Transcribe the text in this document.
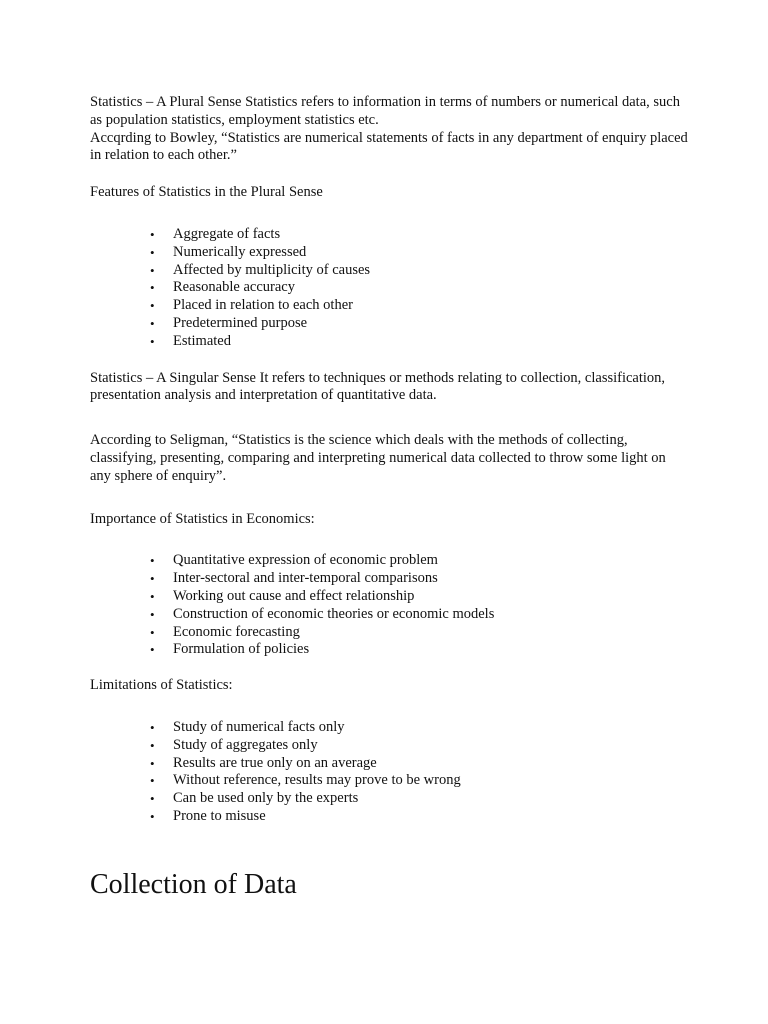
Statistics – A Plural Sense Statistics refers to information in terms of numbers or numerical data, such as population statistics, employment statistics etc.

Accqrding to Bowley, “Statistics are numerical statements of facts in any department of enquiry placed in relation to each other.”

Features of Statistics in the Plural Sense

• Aggregate of facts
• Numerically expressed
• Affected by multiplicity of causes
• Reasonable accuracy
• Placed in relation to each other
• Predetermined purpose
• Estimated

Statistics – A Singular Sense It refers to techniques or methods relating to collection, classification, presentation analysis and interpretation of quantitative data.

According to Seligman, “Statistics is the science which deals with the methods of collecting, classifying, presenting, comparing and interpreting numerical data collected to throw some light on any sphere of enquiry”.

Importance of Statistics in Economics:

• Quantitative expression of economic problem
• Inter-sectoral and inter-temporal comparisons
• Working out cause and effect relationship
• Construction of economic theories or economic models
• Economic forecasting
• Formulation of policies

Limitations of Statistics:

• Study of numerical facts only
• Study of aggregates only
• Results are true only on an average
• Without reference, results may prove to be wrong
• Can be used only by the experts
• Prone to misuse
Collection of Data
